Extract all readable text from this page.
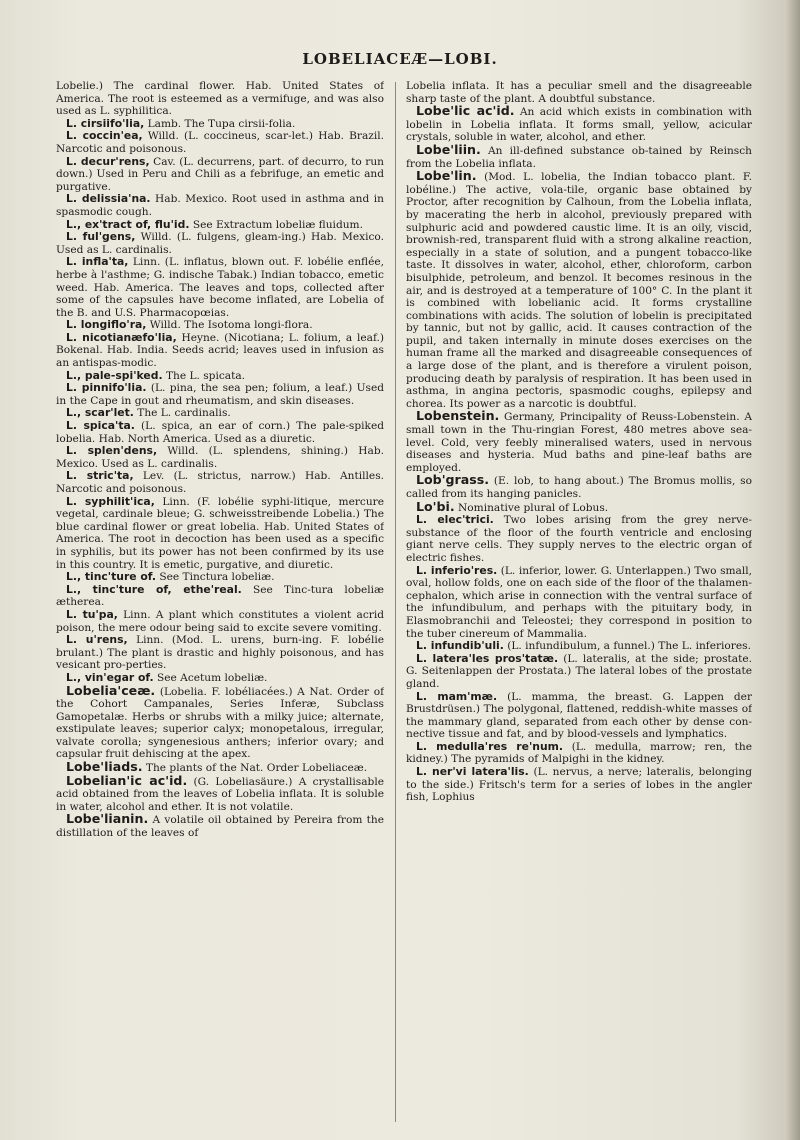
LOBELIACEÆ—LOBI.

Lobelie.) The cardinal flower. Hab. United States of America. The root is esteemed as a vermifuge, and was also used as L. syphilitica.

L. cirsiifo'lia, Lamb. The Tupa cirsii-folia.

L. coccin'ea, Willd. (L. coccineus, scar-let.) Hab. Brazil. Narcotic and poisonous.

L. decur'rens, Cav. (L. decurrens, part. of decurro, to run down.) Used in Peru and Chili as a febrifuge, an emetic and purgative.

L. delissia'na. Hab. Mexico. Root used in asthma and in spasmodic cough.

L., ex'tract of, flu'id. See Extractum lobeliæ fluidum.

L. ful'gens, Willd. (L. fulgens, gleam-ing.) Hab. Mexico. Used as L. cardinalis.

L. infla'ta, Linn. (L. inflatus, blown out. F. lobélie enflée, herbe à l'asthme; G. indische Tabak.) Indian tobacco, emetic weed. Hab. America. The leaves and tops, collected after some of the capsules have become inflated, are Lobelia of the B. and U.S. Pharmacopœias.

L. longiflo'ra, Willd. The Isotoma longi-flora.

L. nicotianæfo'lia, Heyne. (Nicotiana; L. folium, a leaf.) Bokenal. Hab. India. Seeds acrid; leaves used in infusion as an antispas-modic.

L., pale-spi'ked. The L. spicata.

L. pinnifo'lia. (L. pina, the sea pen; folium, a leaf.) Used in the Cape in gout and rheumatism, and skin diseases.

L., scar'let. The L. cardinalis.

L. spica'ta. (L. spica, an ear of corn.) The pale-spiked lobelia. Hab. North America. Used as a diuretic.

L. splen'dens, Willd. (L. splendens, shining.) Hab. Mexico. Used as L. cardinalis.

L. stric'ta, Lev. (L. strictus, narrow.) Hab. Antilles. Narcotic and poisonous.

L. syphilit'ica, Linn. (F. lobélie syphi-litique, mercure vegetal, cardinale bleue; G. schweisstreibende Lobelia.) The blue cardinal flower or great lobelia. Hab. United States of America. The root in decoction has been used as a specific in syphilis, but its power has not been confirmed by its use in this country. It is emetic, purgative, and diuretic.

L., tinc'ture of. See Tinctura lobeliæ.

L., tinc'ture of, ethe'real. See Tinc-tura lobeliæ ætherea.

L. tu'pa, Linn. A plant which constitutes a violent acrid poison, the mere odour being said to excite severe vomiting.

L. u'rens, Linn. (Mod. L. urens, burn-ing. F. lobélie brulant.) The plant is drastic and highly poisonous, and has vesicant pro-perties.

L., vin'egar of. See Acetum lobeliæ.

Lobelia'ceæ. (Lobelia. F. lobéliacées.) A Nat. Order of the Cohort Campanales, Series Inferæ, Subclass Gamopetalæ. Herbs or shrubs with a milky juice; alternate, exstipulate leaves; superior calyx; monopetalous, irregular, valvate corolla; syngenesious anthers; inferior ovary; and capsular fruit dehiscing at the apex.

Lobe'liads. The plants of the Nat. Order Lobeliaceæ.

Lobelian'ic ac'id. (G. Lobeliasäure.) A crystallisable acid obtained from the leaves of Lobelia inflata. It is soluble in water, alcohol and ether. It is not volatile.

Lobe'lianin. A volatile oil obtained by Pereira from the distillation of the leaves of

Lobelia inflata. It has a peculiar smell and the disagreeable sharp taste of the plant. A doubtful substance.

Lobe'lic ac'id. An acid which exists in combination with lobelin in Lobelia inflata. It forms small, yellow, acicular crystals, soluble in water, alcohol, and ether.

Lobe'liin. An ill-defined substance ob-tained by Reinsch from the Lobelia inflata.

Lobe'lin. (Mod. L. lobelia, the Indian tobacco plant. F. lobéline.) The active, vola-tile, organic base obtained by Proctor, after recognition by Calhoun, from the Lobelia inflata, by macerating the herb in alcohol, previously prepared with sulphuric acid and powdered caustic lime. It is an oily, viscid, brownish-red, transparent fluid with a strong alkaline reaction, especially in a state of solution, and a pungent tobacco-like taste. It dissolves in water, alcohol, ether, chloroform, carbon bisulphide, petroleum, and benzol. It becomes resinous in the air, and is destroyed at a temperature of 100° C. In the plant it is combined with lobelianic acid. It forms crystalline combinations with acids. The solution of lobelin is precipitated by tannic, but not by gallic, acid. It causes contraction of the pupil, and taken internally in minute doses exercises on the human frame all the marked and disagreeable consequences of a large dose of the plant, and is therefore a virulent poison, producing death by paralysis of respiration. It has been used in asthma, in angina pectoris, spasmodic coughs, epilepsy and chorea. Its power as a narcotic is doubtful.

Lobenstein. Germany, Principality of Reuss-Lobenstein. A small town in the Thu-ringian Forest, 480 metres above sea-level. Cold, very feebly mineralised waters, used in nervous diseases and hysteria. Mud baths and pine-leaf baths are employed.

Lob'grass. (E. lob, to hang about.) The Bromus mollis, so called from its hanging panicles.

Lo'bi. Nominative plural of Lobus.

L. elec'trici. Two lobes arising from the grey nerve-substance of the floor of the fourth ventricle and enclosing giant nerve cells. They supply nerves to the electric organ of electric fishes.

L. inferio'res. (L. inferior, lower. G. Unterlappen.) Two small, oval, hollow folds, one on each side of the floor of the thalamen-cephalon, which arise in connection with the ventral surface of the infundibulum, and perhaps with the pituitary body, in Elasmobranchii and Teleostei; they correspond in position to the tuber cinereum of Mammalia.

L. infundib'uli. (L. infundibulum, a funnel.) The L. inferiores.

L. latera'les pros'tatæ. (L. lateralis, at the side; prostate. G. Seitenlappen der Prostata.) The lateral lobes of the prostate gland.

L. mam'mæ. (L. mamma, the breast. G. Lappen der Brustdrüsen.) The polygonal, flattened, reddish-white masses of the mammary gland, separated from each other by dense con-nective tissue and fat, and by blood-vessels and lymphatics.

L. medulla'res re'num. (L. medulla, marrow; ren, the kidney.) The pyramids of Malpighi in the kidney.

L. ner'vi latera'lis. (L. nervus, a nerve; lateralis, belonging to the side.) Fritsch's term for a series of lobes in the angler fish, Lophius
